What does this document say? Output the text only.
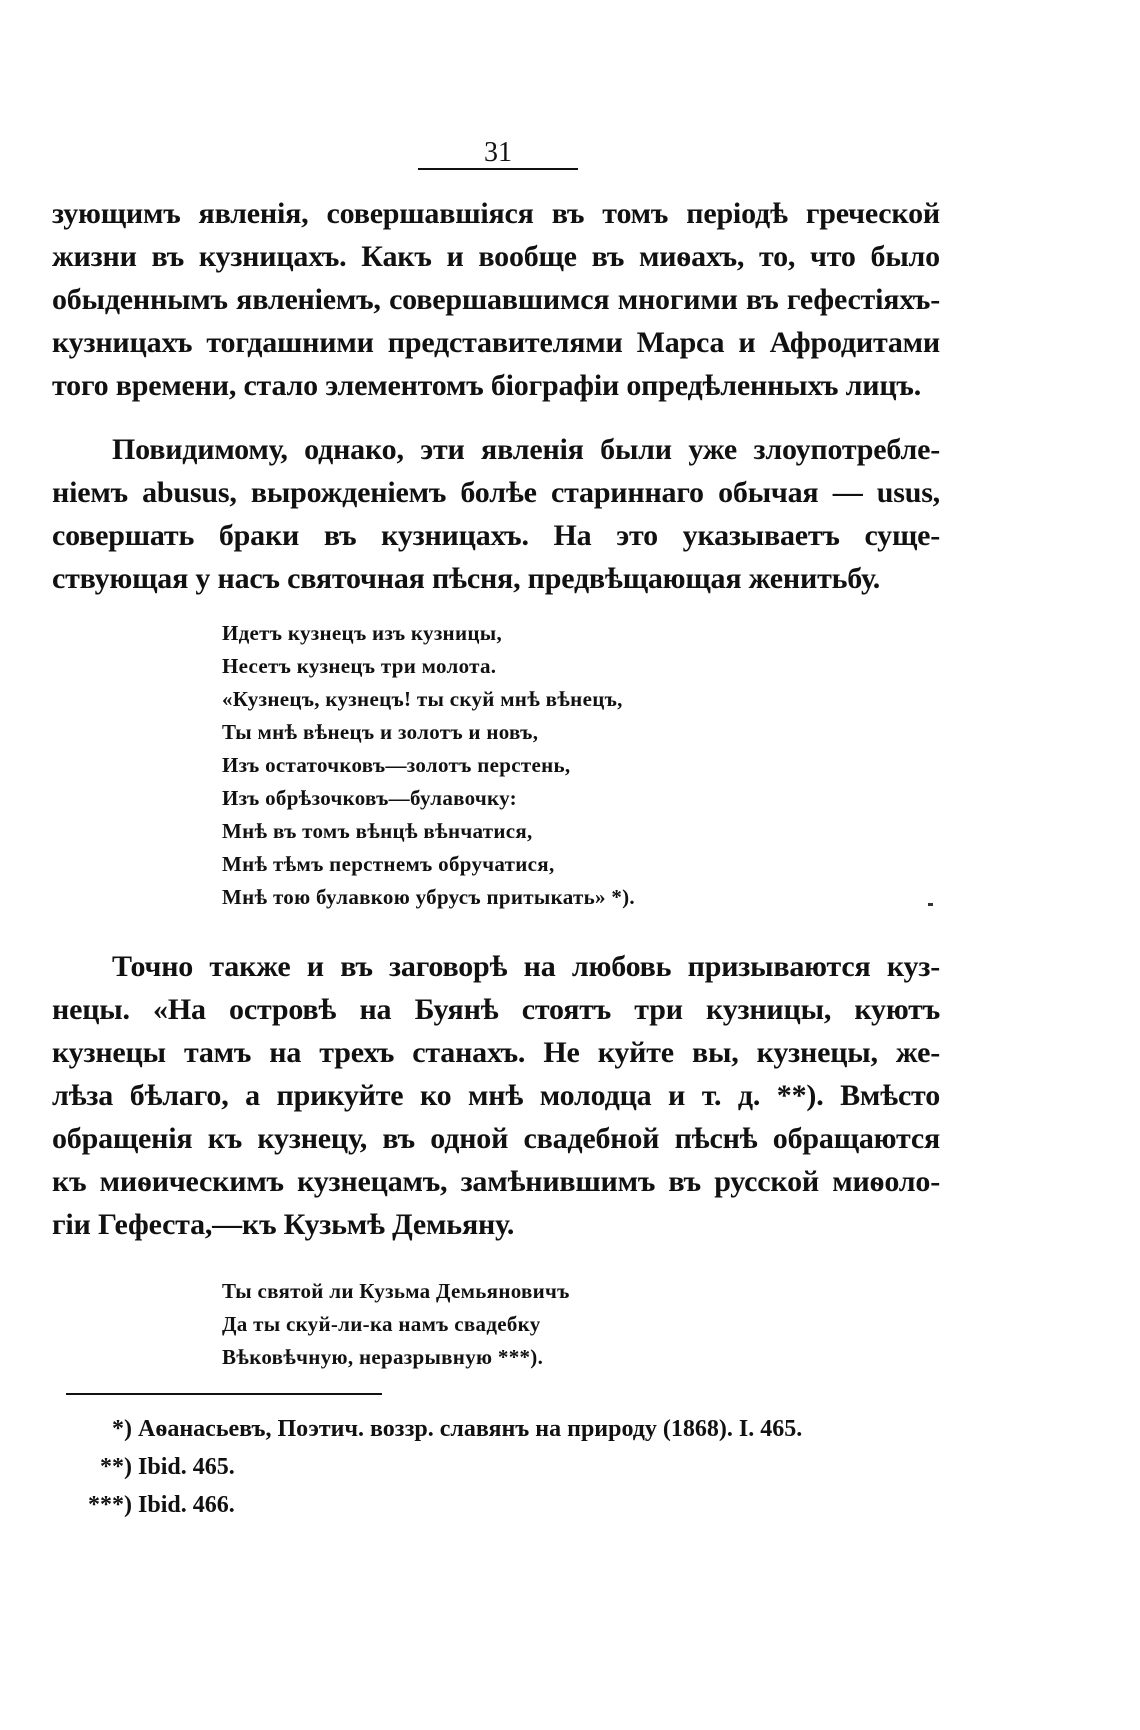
31

зующимъ явленія, совершавшіяся въ томъ періодѣ греческой
жизни въ кузницахъ. Какъ и вообще въ миѳахъ, то, что было
обыденнымъ явленіемъ, совершавшимся многими въ гефестіяхъ-
кузницахъ тогдашними представителями Марса и Афродитами
того времени, стало элементомъ біографіи опредѣленныхъ лицъ.

Повидимому, однако, эти явленія были уже злоупотребле-
ніемъ abusus, вырожденіемъ болѣе стариннаго обычая — usus,
совершать браки въ кузницахъ. На это указываетъ суще-
ствующая у насъ святочная пѣсня, предвѣщающая женитьбу.

Идетъ кузнецъ изъ кузницы,
Несетъ кузнецъ три молота.
«Кузнецъ, кузнецъ! ты скуй мнѣ вѣнецъ,
Ты мнѣ вѣнецъ и золотъ и новъ,
Изъ остаточковъ—золотъ перстень,
Изъ обрѣзочковъ—булавочку:
Мнѣ въ томъ вѣнцѣ вѣнчатися,
Мнѣ тѣмъ перстнемъ обручатися,
Мнѣ тою булавкою убрусъ притыкать» *).

Точно также и въ заговорѣ на любовь призываются куз-
нецы. «На островѣ на Буянѣ стоятъ три кузницы, куютъ
кузнецы тамъ на трехъ станахъ. Не куйте вы, кузнецы, же-
лѣза бѣлаго, а прикуйте ко мнѣ молодца и т. д. **). Вмѣсто
обращенія къ кузнецу, въ одной свадебной пѣснѣ обращаются
къ миѳическимъ кузнецамъ, замѣнившимъ въ русской миѳоло-
гіи Гефеста,—къ Кузьмѣ Демьяну.

Ты святой ли Кузьма Демьяновичъ
Да ты скуй-ли-ка намъ свадебку
Вѣковѣчную, неразрывную ***).
*) Аѳанасьевъ, Поэтич. воззр. славянъ на природу (1868). I. 465.
**) Ibid. 465.
***) Ibid. 466.
